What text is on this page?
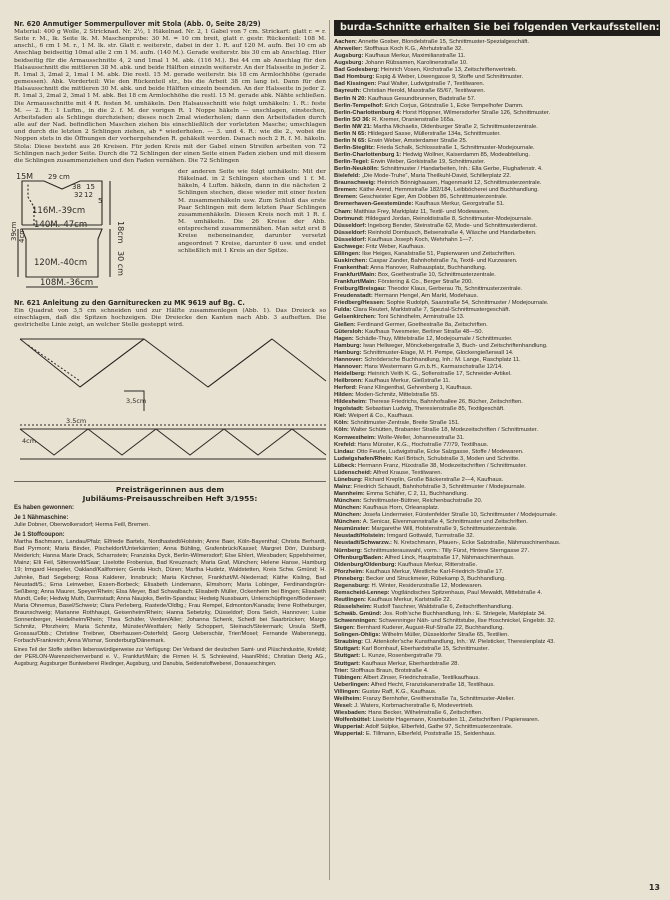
Nr. 620 Anmutiger Sommerpullover mit Stola (Abb. 0, Seite 28/29)
Material: 400 g Wolle, 2 Stricknad. Nr. 2½, 1 Häkelnad. Nr. 2, 1 Gabel von 7 cm. Strickart: glatt r. = r. Seite r. M., lk. Seite lk. M. Maschenprobe: 30 M. = 10 cm breit, glatt r. gestr. Rückenteil: 108 M. anschl., 6 cm 1 M. r., 1 M. lk. str. Glatt r. weiterstr., dabei in der 1. R. auf 120 M. aufn. Bei 10 cm ab Anschlag beidseitig 10mal alle 2 cm 1 M. aufn. (140 M.). Gerade weiterstr. bis 30 cm ab Anschlag. Hier beidseitig für die Armausschnitte 4, 2 und 1mal 1 M. abk. (116 M.). Bei 44 cm ab Anschlag für den Halsausschnitt die mittleren 38 M. abk. und beide Hälften einzeln weiterstr. An der Halsseite in jeder 2. R. 1mal 3, 2mal 2, 1mal 1 M. abk. Die restl. 15 M. gerade weiterstr. bis 18 cm Armlochhöhe (gerade gemessen). Abk. Vorderteil: Wie den Rückenteil str., bis die Arbeit 38 cm lang ist. Dann für den Halsausschnitt die mittleren 30 M. abk. und beide Hälften einzeln beenden. An der Halsseite in jeder 2. R. 1mal 3, 2mal 2, 3mal 1 M. abk. Bei 18 cm Armlochhöhe die restl. 15 M. gerade abk. Nähte schließen. Die Armausschnitte mit 4 R. festen M. umhäkeln. Den Halsausschnitt wie folgt umhäkeln: 1. R.: feste M. — 2. R.: 1 Luftm., in die 2. f. M. der vorigen R. 1 Noppe häkeln — unschlagen, einstechen, Arbeitsfaden als Schlinge durchziehen; dieses noch 2mal wiederholen; dann den Arbeitsfaden durch alle auf der Nad. befindlichen Maschen ziehen bis einschließlich der vorletzten Masche; umschlagen und durch die letzten 2 Schlingen ziehen, ab * wiederholen. — 3. und 4. R.: wie die 2., wobei die Noppen stets in die Öffnungen der vorhergehenden R. gehäkelt werden. Danach noch 2 R. f. M. häkeln. Stola: Diese besteht aus 26 Kreisen. Für jeden Kreis mit der Gabel einen Streifen arbeiten von 72 Schlingen nach jeder Seite. Durch die 72 Schlingen der einen Seite einen Faden ziehen und mit diesem die Schlingen zusammenziehen und den Faden vernähen. Die 72 Schlingen
15M 29 cm
38
32 12
15
5
116M.-39cm
140M.-47cm	18cm
120M.-40cm	30 cm
39cm 4cm
108M.-36cm
der anderen Seite wie folgt umhäkeln: Mit der Häkelnad. in 2 Schlingen stechen und 1 f. M. häkeln, 4 Luftm. häkeln, dann in die nächsten 2 Schlingen stechen, diese wieder mit einer festen M. zusammenhäkeln usw. Zum Schluß das erste Paar Schlingen mit dem letzten Paar Schlingen zusammenhäkeln. Diesen Kreis noch mit 1 R. f. M. umhäkeln. Die 26 Kreise der Abb. entsprechend zusammennähen. Man setzt erst 8 Kreise nebeneinander, darunter versetzt angeordnet 7 Kreise, darunter 6 usw. und endet schließlich mit 1 Kreis an der Spitze.
Nr. 621 Anleitung zu den Garniturecken zu MK 9619 auf Bg. C.
Ein Quadrat von 3,5 cm schneiden und zur Hälfte zusammenlegen (Abb. 1). Das Dreieck so einschlagen, daß die Spitzen hochzeigen. Die Dreiecke den Kanten nach Abb. 3 aufheften. Die gestrichelte Linie zeigt, an welcher Stelle gesteppt wird.
3.5cm
4cm
3,5cm
Preisträgerinnen aus dem
Jubiläums-Preisausschreiben Heft 3/1955:
Es haben gewonnen:
Je 1 Nähmaschine:
Julie Dobner, Oberwolkersdorf; Herma Feill, Bremen.
Je 1 Stoffcoupon:
Martha Bachmann, Landau/Pfalz; Elfriede Bartels, Nordhastedt/Holstein; Anne Baer, Köln-Bayenthal; Christa Berhardt, Bad Pyrmont; Maria Binder, Pischeldorf/Unterkärnten; Anna Bühling, Grafenbrück/Kassel; Margret Dörr, Duisburg-Meiderich; Hanna Marie Drack, Scharnstein; Franziska Dyck, Berlin-Wilmersdorf; Else Ehlert, Wiesbaden; Eppelsheimer, Mainz; Elli Feil, Sittersweld/Saar; Liselotte Frobenius, Bad Kreuznach; Maria Graf, München; Helene Hanse, Hamburg 19; Irmgard Hespeler, Oakland/Kalifornien; Gerda Hoch, Düren; Martha Hudetz, Waldstetten, Kreis Schw. Gmünd; H. Jahnke, Bad Segeberg; Rosa Kalderer, Innsbruck; Maria Kirchner, Frankfurt/M.-Niederrad; Käthe Kisling, Bad Neustadt/S.; Erna Leinweber, Essen-Borbeck; Elisabeth Lindemann, Elmshorn; Maria Lobinger, Ferdinandsgrün-Seßlberg; Anna Maurer, Speyer/Rhein; Elsa Meyer, Bad Schwalbach; Elisabeth Müller, Ockenheim bei Bingen; Elisabeth Mundt, Celle; Hedwig Muth, Darmstadt; Anna Naujoks, Berlin-Spandau; Hedwig Nussbaum, Unterschüpfingen/Bodensee; Maria Ohnemus, Basel/Schweiz; Clara Perleberg, Rastede/Oldbg.; Frau Rempel, Edmonton/Kanada; Irene Rotheburger, Braunschweig; Marianne Rothhaupt, Geisenheim/Rhein; Hanna Sebetzky, Düsseldorf; Dora Seich, Hannover; Luise Sonnenberger, Heidelheim/Rhein; Thea Schäfer, Verden/Aller; Johanna Schenk, Schedl bei Saarbrücken; Margo Schmitz, Pforzheim; Maria Schmitz, Münster/Westfalen; Nelly Schoppert, Steinach/Steiermark; Ursula Steffl, Grossau/Obb.; Christine Treibner, Oberhausen-Osterfeld; Georg Ueberschär, Trier/Mosel; Fernande Wabersnegg, Forbach/Frankreich; Anna Wismar, Sonderburg/Dänemark.
Eines Teil der Stoffe stellten liebenswürdigerweise zur Verfügung: Der Verband der deutschen Samt- und Plüschindustrie, Krefeld; der PERLON-Warenzeichenverband e. V., Frankfurt/Main; die Firmen H. S. Schniewind, Haan/Rhld.; Christian Dierig AG., Augsburg; Augsburger Buntweberei Riedinger, Augsburg, und Danubia, Seidenstoffweberei, Donaueschingen.
burda-Schnitte erhalten Sie bei folgenden Verkaufsstellen:
Aachen: Annette Gosber, Blondelstraße 15, Schnittmuster-Spezialgeschäft.
Ahrweiler: Stoffhaus Koch K.G., Ahrhutstraße 32.
Augsburg: Kaufhaus Merkur, Maximilianstraße 11.
Augsburg: Johann Rübsamen, Karolinenstraße 10.
Bad Godesberg: Heinrich Vosen, Kirchstraße 13, Zeitschriftenvertrieb.
Bad Homburg: Espig & Weber, Löwengasse 9, Stoffe und Schnittmuster.
Bad Kissingen: Paul Walter, Ludwigstraße 7, Textilwaren.
Bayreuth: Christian Herold, Maxstraße 65/67, Textilwaren.
Berlin N 20: Kaufhaus Gesundbrunnen, Badstraße 57.
Berlin-Tempelhof: Erich Corjus, Götzstraße 1, Ecke Tempelhofer Damm.
Berlin-Charlottenburg 4: Horst Höppner, Wilmersdorfer Straße 126, Schnittmuster.
Berlin SO 36: R. Kremer, Oranienstraße 165a.
Berlin NW 21: Martha Michaelis, Oldenburger Straße 2, Schnittmusterzentrale.
Berlin N 65: Hildegard Sasse, Müllerstraße 134a, Schnittmuster.
Berlin N 65: Erwin Weber, Amsterdamer Straße 25.
Berlin-Steglitz: Frieda Schalk, Schlossstraße 1, Schnittmuster-Modejournale.
Berlin-Charlottenburg 1: Hedwig Wollner, Kaiserdamm 85, Modeabteilung.
Berlin-Tegel: Erwin Weber, Gorkistraße 19, Schnittmuster.
Berlin-Neukölln: Schnittmuster / Handarbeiten, Inh.: Ella Gerbe, Flughafenstr. 4.
Bielefeld: „Die Mode-Truhe“, Maria Theilkuhl-David, Schillerplatz 22.
Braunschweig: Heinrich Bönnighausen, Hagenmarkt 12, Schnittmusterzentrale.
Bremen: Käthe Arend, Hemmstraße 182/184, Leibböcherei und Buchhandlung.
Bremen: Geschwister Eger, Am Dobben 86, Schnittmusterzentrale.
Bremerhaven-Geestemünde: Kaufhaus Merkur, Georgstraße 51.
Cham: Matthias Frey, Marktplatz 11, Textil- und Modewaren.
Dortmund: Hildegard Jordan, Reinoldistraße 8, Schnittmuster-Modejournale.
Düsseldorf: Ingeborg Bender, Steinstraße 62, Mode- und Schnittmusterdienst.
Düsseldorf: Reinhold Dornbusch, Belsenstraße 4, Wäsche und Handarbeiten.
Düsseldorf: Kaufhaus Joseph Koch, Wehrhahn 1—7.
Eschwege: Fritz Weber, Kaufhaus.
Eßlingen: Ilse Heiges, Kanalstraße 51, Papierwaren und Zeitschriften.
Euskirchen: Caspar Zander, Bahnhofstraße 7a, Textil- und Kurzwaren.
Frankenthal: Anna Hanover, Rathausplatz, Buchhandlung.
Frankfurt/Main: Box, Goethestraße 10, Schnittmusterzentrale.
Frankfurt/Main: Förstering & Co., Berger Straße 200.
Freiburg/Breisgau: Theodor Klaus, Gerberau 7b, Schnittmusterzentrale.
Freudenstadt: Hermann Hengel, Am Markt, Modehaus.
Friedberg/Hessen: Sophie Rudolph, Saarstraße 54, Schnittmuster / Modejournale.
Fulda: Clara Reutert, Marktstraße 7, Spezial-Schnittmustergeschäft.
Gelsenkirchen: Toni Schindhelm, Arminstraße 13.
Gießen: Ferdinand Germer, Goethestraße 8a, Zeitschriften.
Gütersloh: Kaufhaus Twesmeier, Berliner Straße 48—50.
Hagen: Schädle-Thuy, Mittelstraße 12, Modejournale / Schnittmuster.
Hamburg: Iwan Hellweger, Mönckebergstraße 3, Buch- und Zeitschriftenhandlung.
Hamburg: Schnittmuster-Etage, M. H. Pempe, Glockengießerwall 14.
Hannover: Schrödersche Buchhandlung, Inh.: M. Lange, Raschplatz 11.
Hannover: Hans Westermann G.m.b.H., Karmarschstraße 12/14.
Heidelberg: Heinrich Veith K. G., Sofienstraße 17, Schneider-Artikel.
Heilbronn: Kaufhaus Merkur, Gießstraße 11.
Herford: Franz Klingenthal, Gehrenberg 1, Kaufhaus.
Hilden: Moden-Schmitz, Mittelstraße 55.
Hildesheim: Therese Friedrichs, Bahnhofsallee 26, Bücher, Zeitschriften.
Ingolstadt: Sebastian Ludwig, Theresienstraße 85, Textilgeschäft.
Kiel: Weipert & Co., Kaufhaus.
Köln: Schnittmuster-Zentrale, Breite Straße 151.
Köln: Walter Schütten, Brabanter Straße 18, Modezeitschriften / Schnittmuster.
Kornwestheim: Wolle-Weller, Johannesstraße 31.
Krefeld: Hans Münster, K.G., Hochstraße 77/79, Textilhaus.
Lindau: Otto Feurle, Ludwigstraße, Ecke Salzgasse, Stoffe / Modewaren.
Ludwigshafen/Rhein: Karl Britsch, Schulstraße 3, Moden und Schnitte.
Lübeck: Hermann Franz, Hüxstraße 38, Modezeitschriften / Schnittmuster.
Lüdenscheid: Alfred Krause, Textilwaren.
Lüneburg: Richard Kreplin, Große Bäckerstraße 2—4, Kaufhaus.
Mainz: Friedrich Schaudt, Bahnhofstraße 3, Schnittmuster / Modejournale.
Mannheim: Emma Schäfer, C 2, 11, Buchhandlung.
München: Schnittmuster-Büttner, Reichenbachstraße 20.
München: Kaufhaus Horn, Orleansplatz.
München: Josefa Lindermeier, Fürstenfelder Straße 10, Schnittmuster / Modejournale.
München: A. Senicar, Elvenmannstraße 4, Schnittmuster und Zeitschriften.
Neumünster: Margarethe Will, Holstenstraße 9, Schnittmusterzentrale.
Neustadt/Holstein: Irmgard Gottwald, Turmstraße 32.
Neustadt/Schwarzw.: N. Kretschmann, Pfauen-, Ecke Salzstraße, Nähmaschinenhaus.
Nürnberg: Schnittmusterauswahl, vorm.: Tilly Fürst, Hintere Sterngasse 27.
Offenburg/Baden: Alfred Linck, Hauptstraße 17, Nähmaschinenhaus.
Oldenburg/Oldenburg: Kaufhaus Merkur, Ritterstraße.
Pforzheim: Kaufhaus Merkur, Westliche Karl-Friedrich-Straße 17.
Pinneberg: Becker und Struckmeier, Rübekamp 3, Buchhandlung.
Regensburg: H. Winter, Residenzstraße 12, Modewaren.
Remscheid-Lennep: Vogtländisches Spitzenhaus, Paul Mewaldt, Mittelstraße 4.
Reutlingen: Kaufhaus Merkur, Karlstraße 22.
Rüsselsheim: Rudolf Taschner, Waldstraße 6, Zeitschriftenhandlung.
Schwäb. Gmünd: Jos. Roth'sche Buchhandlung, Inh.: E. Striegele, Marktplatz 34.
Schwenningen: Schwenninger Näh- und Schnittstube, Ilse Hoschnickel, Engelstr. 32.
Siegen: Bernhard Kuderer, August-Ruf-Straße 22, Buchhandlung.
Solingen-Ohligs: Wilhelm Müller, Düsseldorfer Straße 65, Textilien.
Straubing: Cl. Attenkofer'sche Kunsthandlung, Inh.: W. Pielsticker, Theresienplatz 43.
Stuttgart: Karl Bornhauf, Eberhardstraße 15, Schnittmuster.
Stuttgart: L. Kunze, Rosenbergstraße 79.
Stuttgart: Kaufhaus Merkur, Eberhardstraße 28.
Trier: Stoffhaus Braun, Brotstraße 4.
Tübingen: Albert Zinser, Friedrichstraße, Textilkaufhaus.
Ueberlingen: Alfred Hecht, Franziskanerstraße 18, Textilhaus.
Villingen: Gustav Raff, K.G., Kaufhaus.
Weilheim: Franzy Bernhofer, Greitherstraße 7a, Schnittmuster-Atelier.
Wesel: J. Waters, Korbmacherstraße 6, Modevertrieb.
Wiesbaden: Hans Becker, Wilhelmstraße 6, Zeitschriften.
Wolfenbüttel: Liselotte Hagemann, Krambuden 11, Zeitschriften / Papierwaren.
Wuppertal: Adolf Sülpke, Elberfeld, Gathe 97, Schnittmusterzentrale.
Wuppertal: E. Tillmann, Elberfeld, Poststraße 15, Seidenhaus.
13
